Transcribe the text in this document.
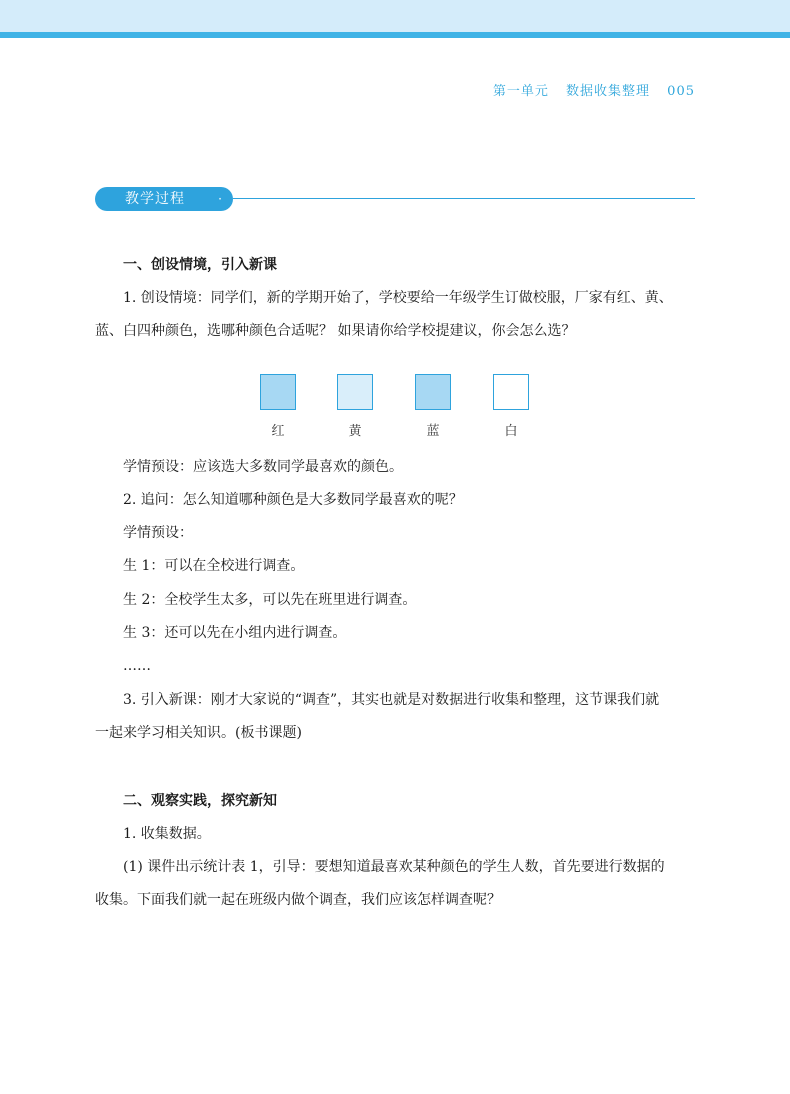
第一单元 数据收集整理 005
教学过程	·
一、创设情境，引入新课
1. 创设情境：同学们，新的学期开始了，学校要给一年级学生订做校服，厂家有红、黄、
蓝、白四种颜色，选哪种颜色合适呢？ 如果请你给学校提建议，你会怎么选？
红	黄	蓝	白
学情预设：应该选大多数同学最喜欢的颜色。
2. 追问：怎么知道哪种颜色是大多数同学最喜欢的呢？
学情预设：
生 1：可以在全校进行调查。
生 2：全校学生太多，可以先在班里进行调查。
生 3：还可以先在小组内进行调查。
……
3. 引入新课：刚才大家说的“调查”，其实也就是对数据进行收集和整理，这节课我们就
一起来学习相关知识。(板书课题)
二、观察实践，探究新知
1. 收集数据。
(1) 课件出示统计表 1，引导：要想知道最喜欢某种颜色的学生人数，首先要进行数据的
收集。下面我们就一起在班级内做个调查，我们应该怎样调查呢？
